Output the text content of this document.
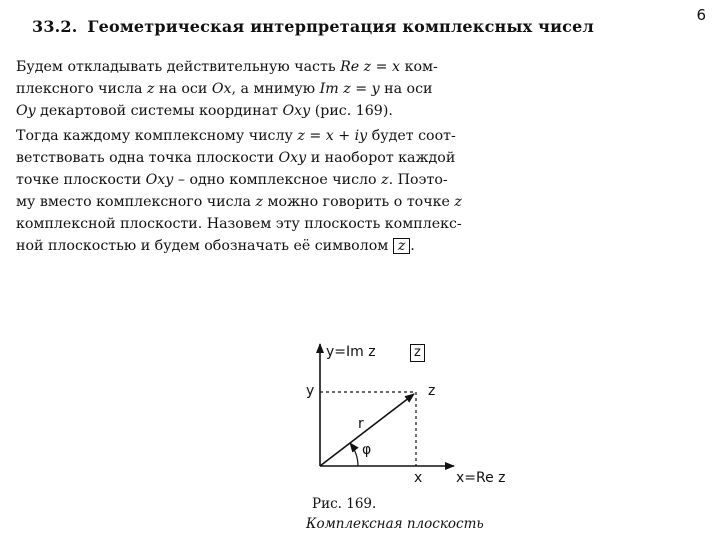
6
33.2. Геометрическая интерпретация комплексных чисел
Будем откладывать действительную часть Re z = x ком-
плексного числа z на оси Ox, а мнимую Im z = y на оси
Oy декартовой системы координат Oxy (рис. 169).
Тогда каждому комплексному числу z = x + iy будет соот-
ветствовать одна точка плоскости Oxy и наоборот каждой
точке плоскости Oxy – одно комплексное число z. Поэто-
му вместо комплексного числа z можно говорить о точке z
комплексной плоскости. Назовем эту плоскость комплекс-
ной плоскостью и будем обозначать её символом z .
y=Im z	z
y	z
r
φ
x x=Re z
Рис. 169.
Комплексная плоскость
